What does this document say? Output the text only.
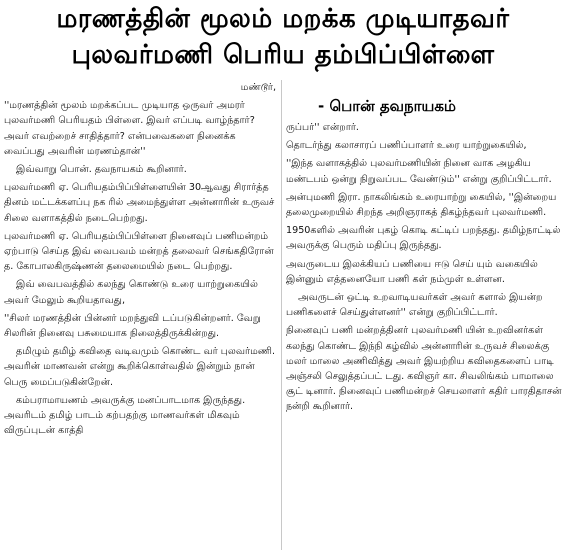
மரணத்தின் மூலம் மறக்க முடியாதவர்
புலவர்மணி பெரிய தம்பிப்பிள்ளை
- பொன் தவநாயகம்

மண்டூர்,

''மரணத்தின் மூலம் மறக்கப்பட முடியாத ஒருவர் அமரர் புலவர்மணி பெரியதம் பிள்ளை. இவர் எப்படி வாழ்ந்தார்? அவர் எவற்றைச் சாதித்தார்? என்பவைகளை நினைக்க வைப்பது அவரின் மரணம்தான்''

இவ்வாறு பொன். தவநாயகம் கூறினார்.

புலவர்மணி ஏ. பெரியதம்பிப்பிள்ளையின் 30ஆவது சிரார்த்த தினம் மட்டக்களப்பு நக ரில் அமைந்துள்ள அன்னாரின் உருவச் சிலை வளாகத்தில் நடைபெற்றது.

புலவர்மணி ஏ. பெரியதம்பிப்பிள்ளை நினைவுப் பணிமன்றம் ஏற்பாடு செய்த இவ் வைபவம் மன்றத் தலைவர் செங்கதிரோன் த. கோபாலகிருஷ்ணன் தலைமையில் நடை பெற்றது.

இவ் வைபவத்தில் கலந்து கொண்டு உரை யாற்றுகையில் அவர் மேலும் கூறியதாவது,

''சிலர் மரணத்தின் பின்னர் மறந்துவி டப்படுகின்றனர். வேறு சிலரின் நினைவு பசுமையாக நிலைத்திருக்கின்றது.

தமிழும் தமிழ் கவிதை வடிவமும் கொண்ட வர் புலவர்மணி. அவரின் மாணவன் என்று கூறிக்கொள்வதில் இன்றும் நான் பெரு மைப்படுகின்றேன்.

கம்பராமாயணம் அவருக்கு மனப்பாடமாக இருந்தது. அவரிடம் தமிழ் பாடம் கற்பதற்கு மாணவர்கள் மிகவும் விருப்புடன் காத்தி

ருப்பர்'' என்றார்.

தொடர்ந்து கலாசாரப் பணிப்பாளர் உரை யாற்றுகையில்,

''இந்த வளாகத்தில் புலவர்மணியின் நினை வாக அழகிய மண்டபம் ஒன்று நிறுவப்பட வேண்டும்'' என்று குறிப்பிட்டார்.

அன்புமணி இரா. நாகலிங்கம் உரையாற்று கையில், ''இன்றைய தலைமுறையில் சிறந்த அறிஞராகத் திகழ்ந்தவர் புலவர்மணி.

1950களில் அவரின் புகழ் கொடி கட்டிப் பறந்தது. தமிழ்நாட்டில் அவருக்கு பெரும் மதிப்பு இருந்தது.

அவருடைய இலக்கியப் பணியை ஈடு செய் யும் வகையில் இன்னும் எத்தனையோ பணி கள் நம்முள் உள்ளன.

அவருடன் ஒட்டி உறவாடியவர்கள் அவர் களால் இயன்ற பணிகளைச் செய்துள்ளனர்'' என்று குறிப்பிட்டார்.

நினைவுப் பணி மன்றத்தினர் புலவர்மணி யின் உறவினர்கள் கலந்து கொண்ட இந்நி கழ்வில் அன்னாரின் உருவச் சிலைக்கு மலர் மாலை அணிவித்து அவர் இயற்றிய கவிதைகளைப் பாடி அஞ்சலி செலுத்தப்பட் டது. கவிஞர் கா. சிவலிங்கம் பாமாலை சூட் டினார். நினைவுப் பணிமன்றச் செயலாளர் கதிர் பாரதிதாசன் நன்றி கூறினார்.
